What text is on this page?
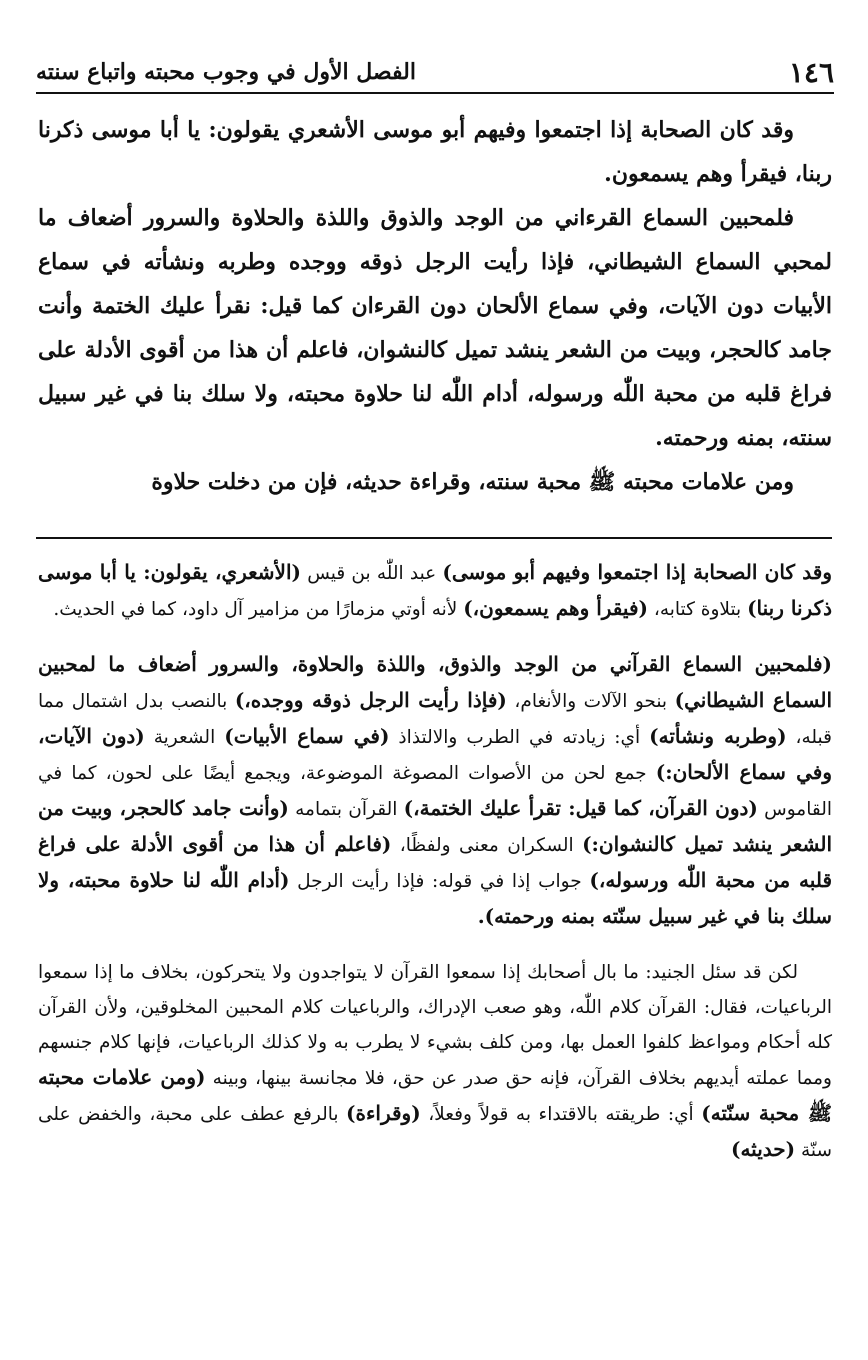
١٤٦
الفصل الأول في وجوب محبته واتباع سنته

وقد كان الصحابة إذا اجتمعوا وفيهم أبو موسى الأشعري يقولون: يا أبا موسى ذكرنا ربنا، فيقرأ وهم يسمعون.

فلمحبين السماع القرءاني من الوجد والذوق واللذة والحلاوة والسرور أضعاف ما لمحبي السماع الشيطاني، فإذا رأيت الرجل ذوقه ووجده وطربه ونشأته في سماع الأبيات دون الآيات، وفي سماع الألحان دون القرءان كما قيل: نقرأ عليك الختمة وأنت جامد كالحجر، وبيت من الشعر ينشد تميل كالنشوان، فاعلم أن هذا من أقوى الأدلة على فراغ قلبه من محبة اللّٰه ورسوله، أدام اللّٰه لنا حلاوة محبته، ولا سلك بنا في غير سبيل سنته، بمنه ورحمته.

ومن علامات محبته ﷺ محبة سنته، وقراءة حديثه، فإن من دخلت حلاوة

وقد كان الصحابة إذا اجتمعوا وفيهم أبو موسى) عبد اللّٰه بن قيس (الأشعري، يقولون: يا أبا موسى ذكرنا ربنا) بتلاوة كتابه، (فيقرأ وهم يسمعون،) لأنه أوتي مزمارًا من مزامير آل داود، كما في الحديث.

(فلمحبين السماع القرآني من الوجد والذوق، واللذة والحلاوة، والسرور أضعاف ما لمحبين السماع الشيطاني) بنحو الآلات والأنغام، (فإذا رأيت الرجل ذوقه ووجده،) بالنصب بدل اشتمال مما قبله، (وطربه ونشأته) أي: زيادته في الطرب والالتذاذ (في سماع الأبيات) الشعرية (دون الآيات، وفي سماع الألحان:) جمع لحن من الأصوات المصوغة الموضوعة، ويجمع أيضًا على لحون، كما في القاموس (دون القرآن، كما قيل: تقرأ عليك الختمة،) القرآن بتمامه (وأنت جامد كالحجر، وبيت من الشعر ينشد تميل كالنشوان:) السكران معنى ولفظًا، (فاعلم أن هذا من أقوى الأدلة على فراغ قلبه من محبة اللّٰه ورسوله،) جواب إذا في قوله: فإذا رأيت الرجل (أدام اللّٰه لنا حلاوة محبته، ولا سلك بنا في غير سبيل سنّته بمنه ورحمته).

لكن قد سئل الجنيد: ما بال أصحابك إذا سمعوا القرآن لا يتواجدون ولا يتحركون، بخلاف ما إذا سمعوا الرباعيات، فقال: القرآن كلام اللّٰه، وهو صعب الإدراك، والرباعيات كلام المحبين المخلوقين، ولأن القرآن كله أحكام ومواعظ كلفوا العمل بها، ومن كلف بشيء لا يطرب به ولا كذلك الرباعيات، فإنها كلام جنسهم ومما عملته أيديهم بخلاف القرآن، فإنه حق صدر عن حق، فلا مجانسة بينها، وبينه (ومن علامات محبته ﷺ محبة سنّته) أي: طريقته بالاقتداء به قولاً وفعلاً، (وقراءة) بالرفع عطف على محبة، والخفض على سنّة (حديثه)
